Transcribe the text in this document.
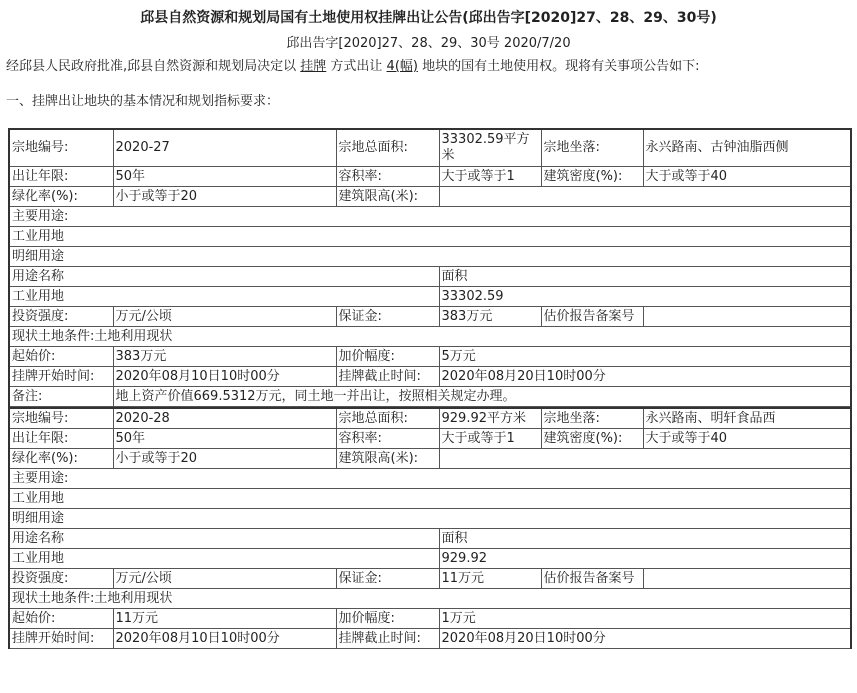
邱县自然资源和规划局国有土地使用权挂牌出让公告(邱出告字[2020]27、28、29、30号)
邱出告字[2020]27、28、29、30号 2020/7/20
经邱县人民政府批准,邱县自然资源和规划局决定以 挂牌 方式出让 4(幅) 地块的国有土地使用权。现将有关事项公告如下:
一、挂牌出让地块的基本情况和规划指标要求：
宗地编号:	2020-27	宗地总面积:	33302.59平方米	宗地坐落:	永兴路南、古钟油脂西侧
出让年限:	50年	容积率:	大于或等于1	建筑密度(%):	大于或等于40
绿化率(%):	小于或等于20	建筑限高(米):			
主要用途:					
工业用地					
明细用途					
用途名称			面积		
工业用地			33302.59		
投资强度:	万元/公顷	保证金:	383万元	估价报告备案号	
现状土地条件:土地利用现状					
起始价:	383万元	加价幅度:	5万元		
挂牌开始时间:	2020年08月10日10时00分	挂牌截止时间:	2020年08月20日10时00分		
备注:	地上资产价值669.5312万元，同土地一并出让，按照相关规定办理。				
宗地编号:	2020-28	宗地总面积:	929.92平方米	宗地坐落:	永兴路南、明轩食品西
出让年限:	50年	容积率:	大于或等于1	建筑密度(%):	大于或等于40
绿化率(%):	小于或等于20	建筑限高(米):			
主要用途:					
工业用地					
明细用途					
用途名称			面积		
工业用地			929.92		
投资强度:	万元/公顷	保证金:	11万元	估价报告备案号	
现状土地条件:土地利用现状					
起始价:	11万元	加价幅度:	1万元		
挂牌开始时间:	2020年08月10日10时00分	挂牌截止时间:	2020年08月20日10时00分		
